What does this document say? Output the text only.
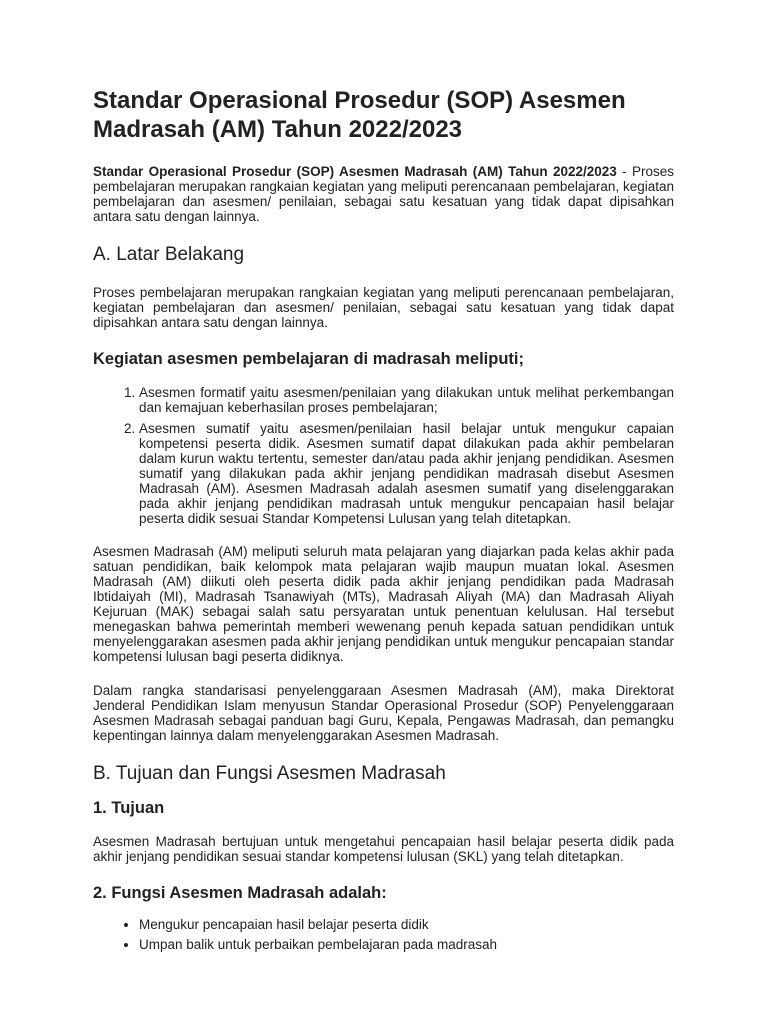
Standar Operasional Prosedur (SOP) Asesmen Madrasah (AM) Tahun 2022/2023

Standar Operasional Prosedur (SOP) Asesmen Madrasah (AM) Tahun 2022/2023 - Proses pembelajaran merupakan rangkaian kegiatan yang meliputi perencanaan pembelajaran, kegiatan pembelajaran dan asesmen/ penilaian, sebagai satu kesatuan yang tidak dapat dipisahkan antara satu dengan lainnya.

A. Latar Belakang

Proses pembelajaran merupakan rangkaian kegiatan yang meliputi perencanaan pembelajaran, kegiatan pembelajaran dan asesmen/ penilaian, sebagai satu kesatuan yang tidak dapat dipisahkan antara satu dengan lainnya.

Kegiatan asesmen pembelajaran di madrasah meliputi;
1. Asesmen formatif yaitu asesmen/penilaian yang dilakukan untuk melihat perkembangan dan kemajuan keberhasilan proses pembelajaran;
2. Asesmen sumatif yaitu asesmen/penilaian hasil belajar untuk mengukur capaian kompetensi peserta didik. Asesmen sumatif dapat dilakukan pada akhir pembelaran dalam kurun waktu tertentu, semester dan/atau pada akhir jenjang pendidikan. Asesmen sumatif yang dilakukan pada akhir jenjang pendidikan madrasah disebut Asesmen Madrasah (AM). Asesmen Madrasah adalah asesmen sumatif yang diselenggarakan pada akhir jenjang pendidikan madrasah untuk mengukur pencapaian hasil belajar peserta didik sesuai Standar Kompetensi Lulusan yang telah ditetapkan.

Asesmen Madrasah (AM) meliputi seluruh mata pelajaran yang diajarkan pada kelas akhir pada satuan pendidikan, baik kelompok mata pelajaran wajib maupun muatan lokal. Asesmen Madrasah (AM) diikuti oleh peserta didik pada akhir jenjang pendidikan pada Madrasah Ibtidaiyah (MI), Madrasah Tsanawiyah (MTs), Madrasah Aliyah (MA) dan Madrasah Aliyah Kejuruan (MAK) sebagai salah satu persyaratan untuk penentuan kelulusan. Hal tersebut menegaskan bahwa pemerintah memberi wewenang penuh kepada satuan pendidikan untuk menyelenggarakan asesmen pada akhir jenjang pendidikan untuk mengukur pencapaian standar kompetensi lulusan bagi peserta didiknya.

Dalam rangka standarisasi penyelenggaraan Asesmen Madrasah (AM), maka Direktorat Jenderal Pendidikan Islam menyusun Standar Operasional Prosedur (SOP) Penyelenggaraan Asesmen Madrasah sebagai panduan bagi Guru, Kepala, Pengawas Madrasah, dan pemangku kepentingan lainnya dalam menyelenggarakan Asesmen Madrasah.

B. Tujuan dan Fungsi Asesmen Madrasah
1. Tujuan

Asesmen Madrasah bertujuan untuk mengetahui pencapaian hasil belajar peserta didik pada akhir jenjang pendidikan sesuai standar kompetensi lulusan (SKL) yang telah ditetapkan.

2. Fungsi Asesmen Madrasah adalah:
• Mengukur pencapaian hasil belajar peserta didik
• Umpan balik untuk perbaikan pembelajaran pada madrasah
